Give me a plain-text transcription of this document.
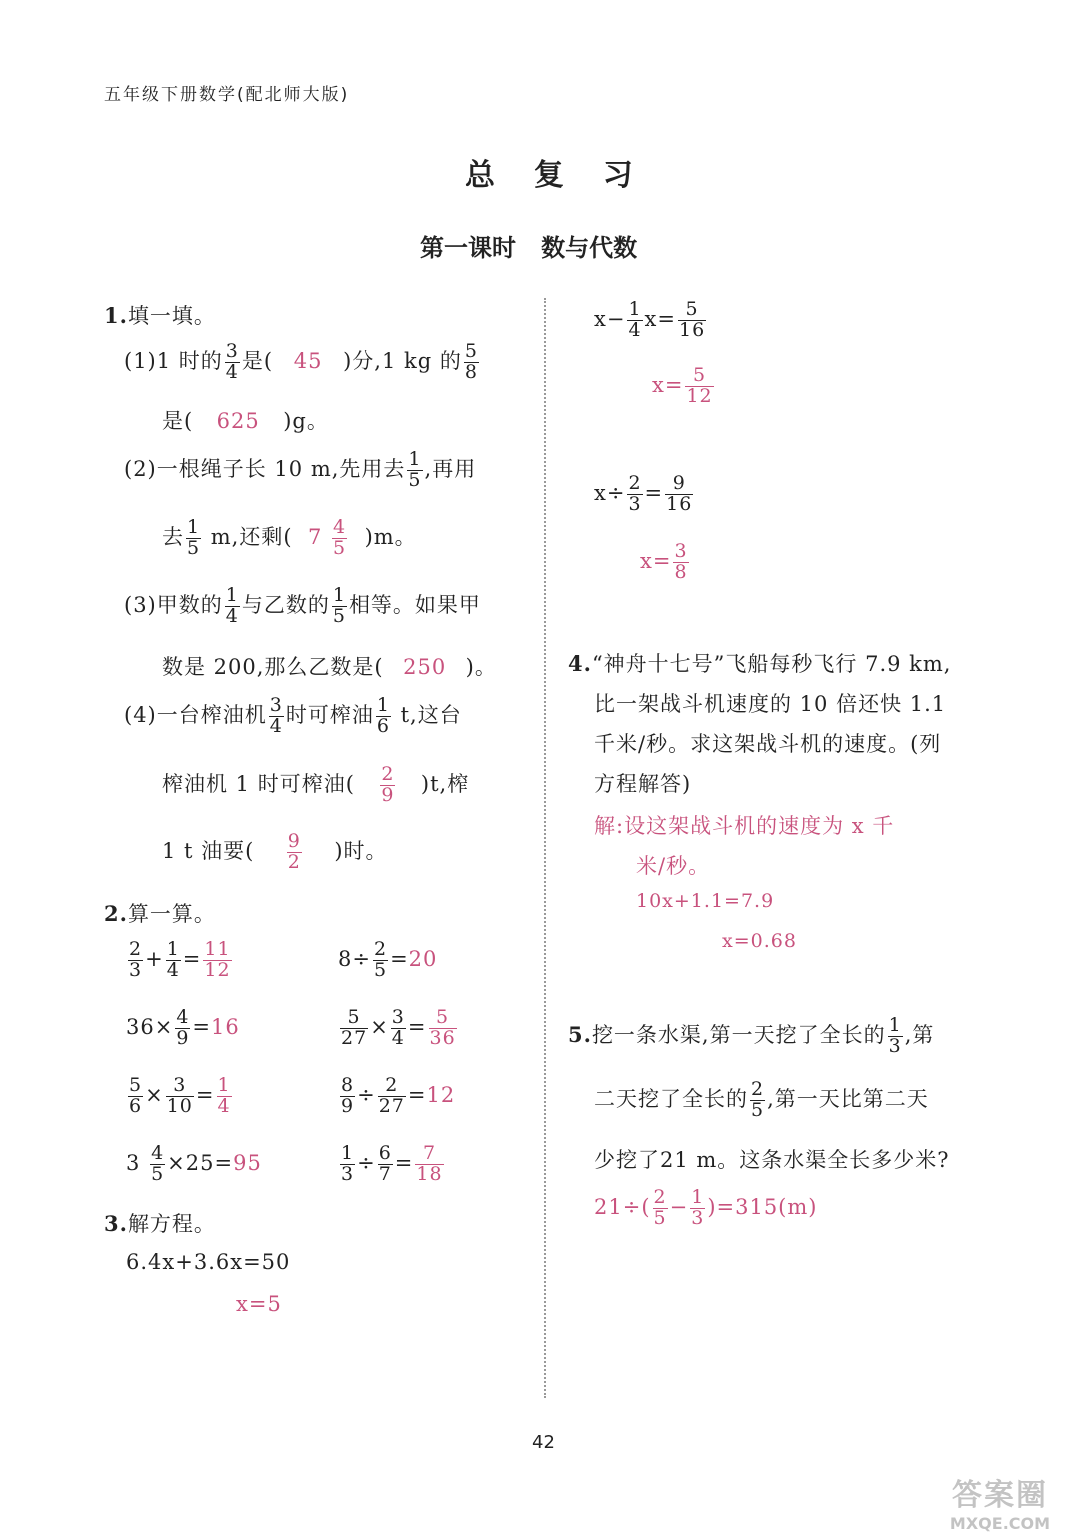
五年级下册数学(配北师大版)
总  复  习
第一课时   数与代数
1.填一填。
(1)1 时的 $\frac{3}{4}$ 是( 45 )分,1 kg 的 $\frac{5}{8}$
是( 625 )g。
(2)一根绳子长 10 m,先用去 $\frac{1}{5}$ ,再用
去 $\frac{1}{5} m$,还剩( $7 \frac{4}{5} )m$。
(3)甲数的 $\frac{1}{4}$ 与乙数的 $\frac{1}{5}$ 相等。如果甲
数是 200,那么乙数是( 250 )。
(4)一台榨油机 $\frac{3}{4}$ 时可榨油 $\frac{1}{6} t$,这台
榨油机 1 时可榨油( $\frac{2}{9} )t$,榨
1 t 油要( $\frac{9}{2}$ )时。
2.算一算。
$\frac{2}{3} + \frac{1}{4} = \frac{11}{12}$	$8\div \frac{2}{5} =20$
$36\times \frac{4}{9} =16$	$\frac{5}{27} \times \frac{3}{4} = \frac{5}{36}$
$\frac{5}{6} \times \frac{3}{10} = \frac{1}{4}$	$\frac{8}{9} \div \frac{2}{27} =12$
$3 \frac{4}{5} \times 25=95$	$\frac{1}{3} \div \frac{6}{7} = \frac{7}{18}$
3.解方程。
6.4x+3.6x=50
x=5
$x- \frac{1}{4} x= \frac{5}{16}$
$x= \frac{5}{12}$
$x\div \frac{2}{3} = \frac{9}{16}$
$x= \frac{3}{8}$
4.“神舟十七号”飞船每秒飞行 7.9 km,
比一架战斗机速度的 10 倍还快 1.1
千米/秒。求这架战斗机的速度。(列
方程解答)
解:设这架战斗机的速度为 x 千
米/秒。
10x+1.1=7.9
x=0.68
5.挖一条水渠,第一天挖了全长的 $\frac{1}{3}$ ,第
二天挖了全长的 $\frac{2}{5}$ ,第一天比第二天
少挖了21 m。这条水渠全长多少米?
$21\div( \frac{2}{5} - \frac{1}{3} )=315(m)$
42
答案圈
MXQE.COM
